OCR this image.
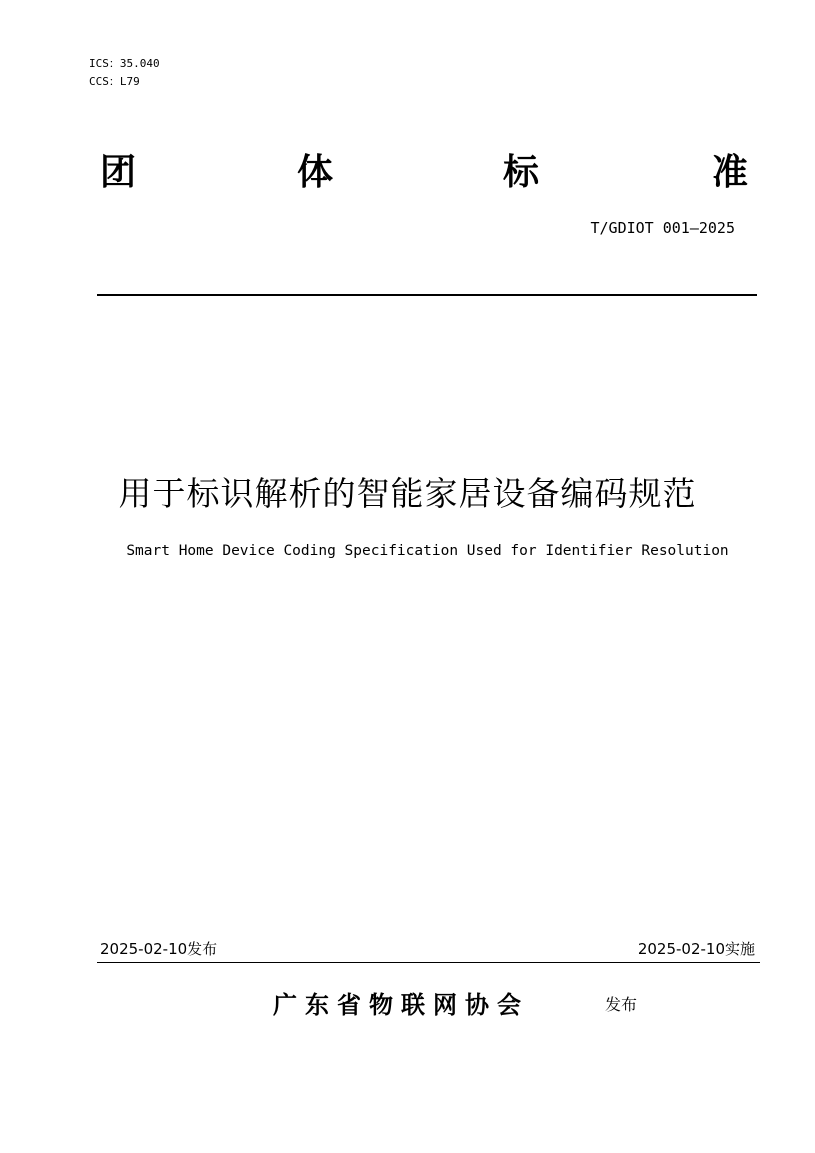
ICS：35.040
CCS：L79
团	体	标	准
T/GDIOT 001—2025
用于标识解析的智能家居设备编码规范
Smart Home Device Coding Specification Used for Identifier Resolution
2025-02-10发布	2025-02-10实施
广东省物联网协会	发布
